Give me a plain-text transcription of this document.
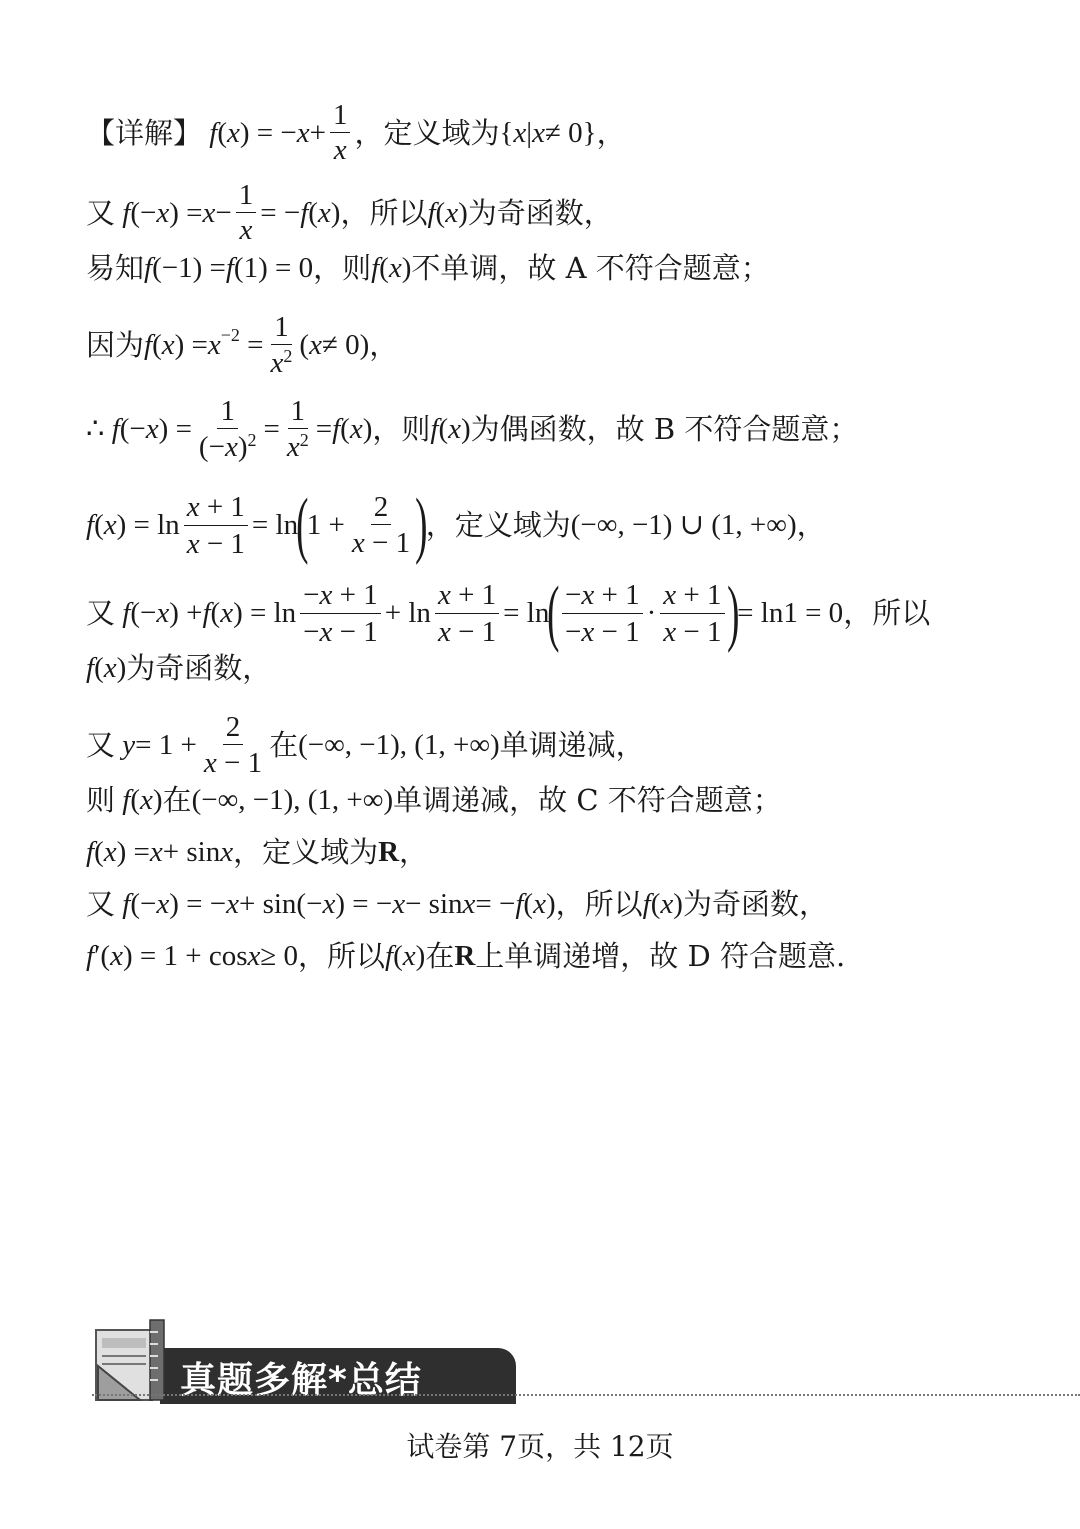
【详解】 f ( x ) = − $x + \frac{1}{x}$ ，定义域为 { x | x ≠ 0} ，
又 f (− x ) = $x - \frac{1}{x}$ = − f ( x ) ，所以 f ( x ) 为奇函数，
易知 f (−1) = f (1) = 0 ，则 f ( x ) 不单调，故 A 不符合题意；
因为 f ( x ) = $x^{-2} = \frac{1}{x^2}$ ( x ≠ 0) ，
∴ f (− x ) = $\frac{1}{(-x)^2} = \frac{1}{x^2} = f$ ( x ) ，则 f ( x ) 为偶函数，故 B 不符合题意；
f ( x ) = $\ln \frac{x + 1}{x - 1} = \ln$
(
$1 + \frac{2}{x - 1}$ )
，定义域为 (−∞, −1) ∪ (1, +∞) ，
又 f (− x ) + f ( x ) = $\ln \frac{-x + 1}{-x - 1} + \ln \frac{x + 1}{x - 1} = \ln$
( $\frac{-x + 1}{-x - 1} \cdot \frac{x + 1}{x - 1}$ )
= ln1 = 0 ，所以
f ( x ) 为奇函数，
又 $y = 1 + \frac{2}{x - 1}$ 在 (−∞, −1), (1, +∞) 单调递减，
则 f ( x ) 在 (−∞, −1), (1, +∞) 单调递减，故 C 不符合题意；
f ( x ) = x + sin x ，定义域为 R ，
又 f (− x ) = − x + sin(− x ) = − x − sin x = − f ( x ) ，所以 f ( x ) 为奇函数，
f ′( x ) = 1 + cos x ≥ 0 ，所以 f ( x ) 在 R 上单调递增，故 D 符合题意.
真题多解*总结
试卷第 7页，共 12页
